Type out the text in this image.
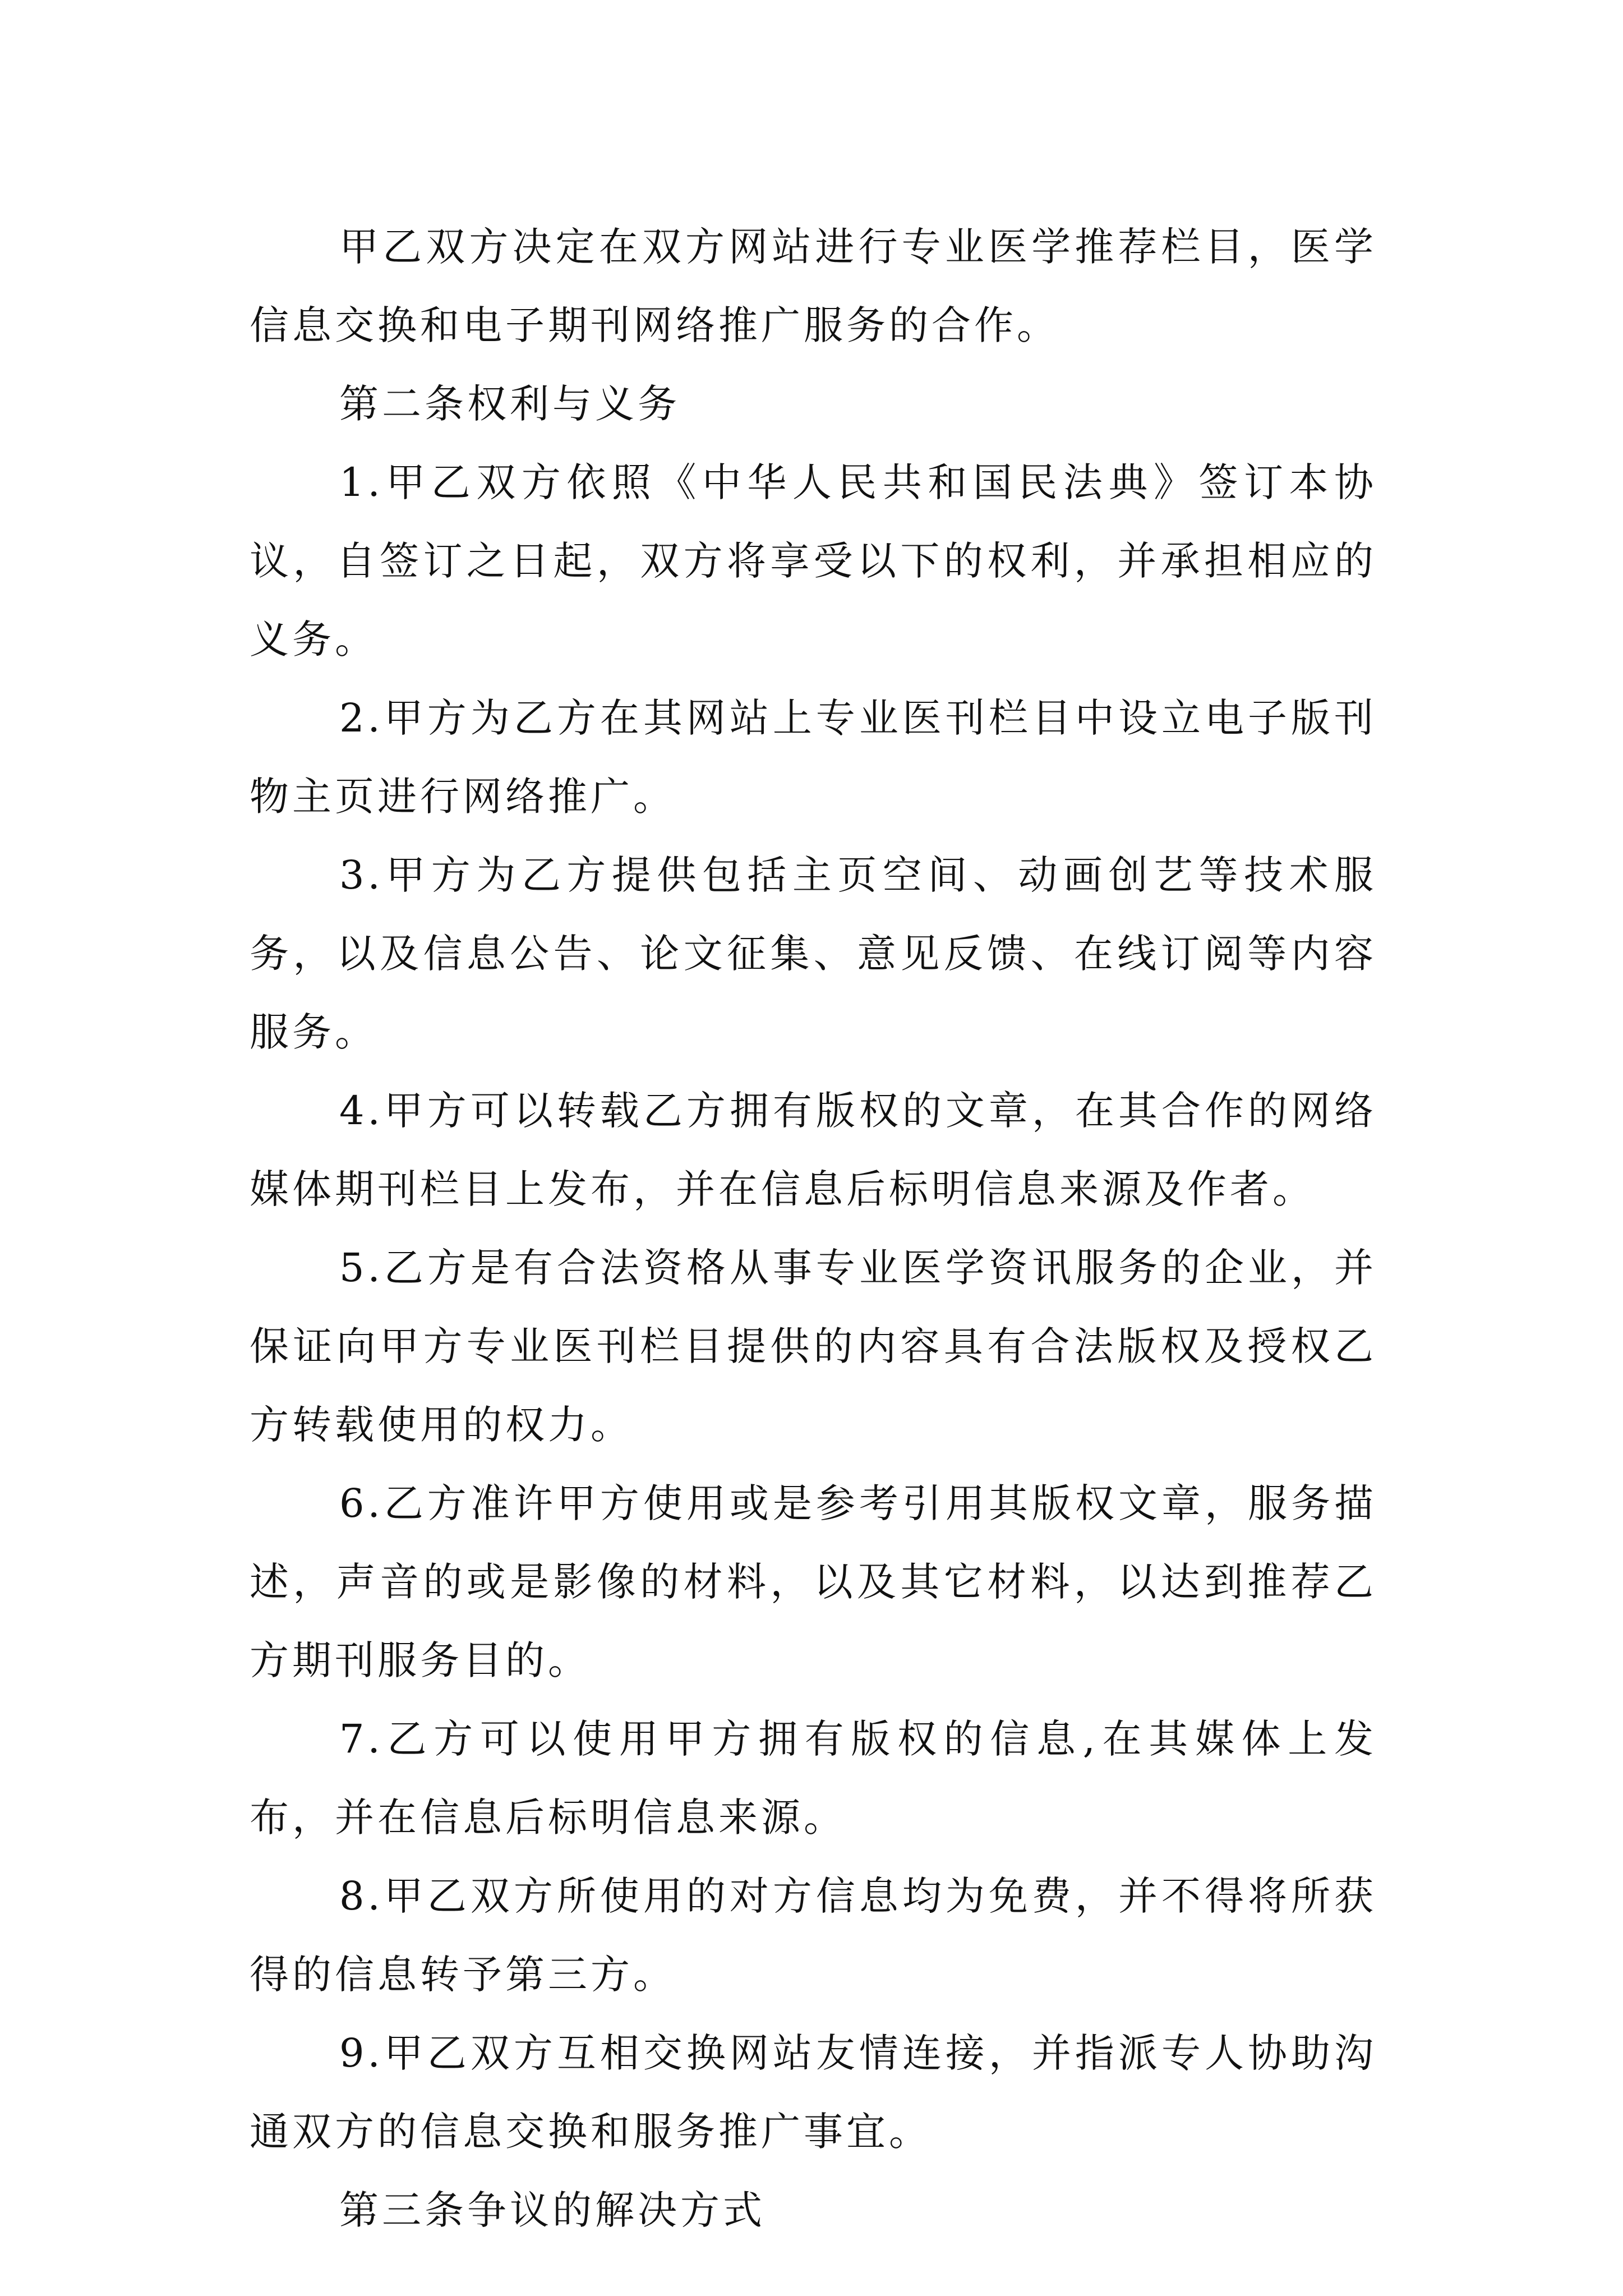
甲乙双方决定在双方网站进行专业医学推荐栏目，医学信息交换和电子期刊网络推广服务的合作。

第二条权利与义务

1.甲乙双方依照《中华人民共和国民法典》签订本协议，自签订之日起，双方将享受以下的权利，并承担相应的义务。

2.甲方为乙方在其网站上专业医刊栏目中设立电子版刊物主页进行网络推广。

3.甲方为乙方提供包括主页空间、动画创艺等技术服务，以及信息公告、论文征集、意见反馈、在线订阅等内容服务。

4.甲方可以转载乙方拥有版权的文章，在其合作的网络媒体期刊栏目上发布，并在信息后标明信息来源及作者。

5.乙方是有合法资格从事专业医学资讯服务的企业，并保证向甲方专业医刊栏目提供的内容具有合法版权及授权乙方转载使用的权力。

6.乙方准许甲方使用或是参考引用其版权文章，服务描述，声音的或是影像的材料，以及其它材料，以达到推荐乙方期刊服务目的。

7.乙方可以使用甲方拥有版权的信息,在其媒体上发布，并在信息后标明信息来源。

8.甲乙双方所使用的对方信息均为免费，并不得将所获得的信息转予第三方。

9.甲乙双方互相交换网站友情连接，并指派专人协助沟通双方的信息交换和服务推广事宜。

第三条争议的解决方式
